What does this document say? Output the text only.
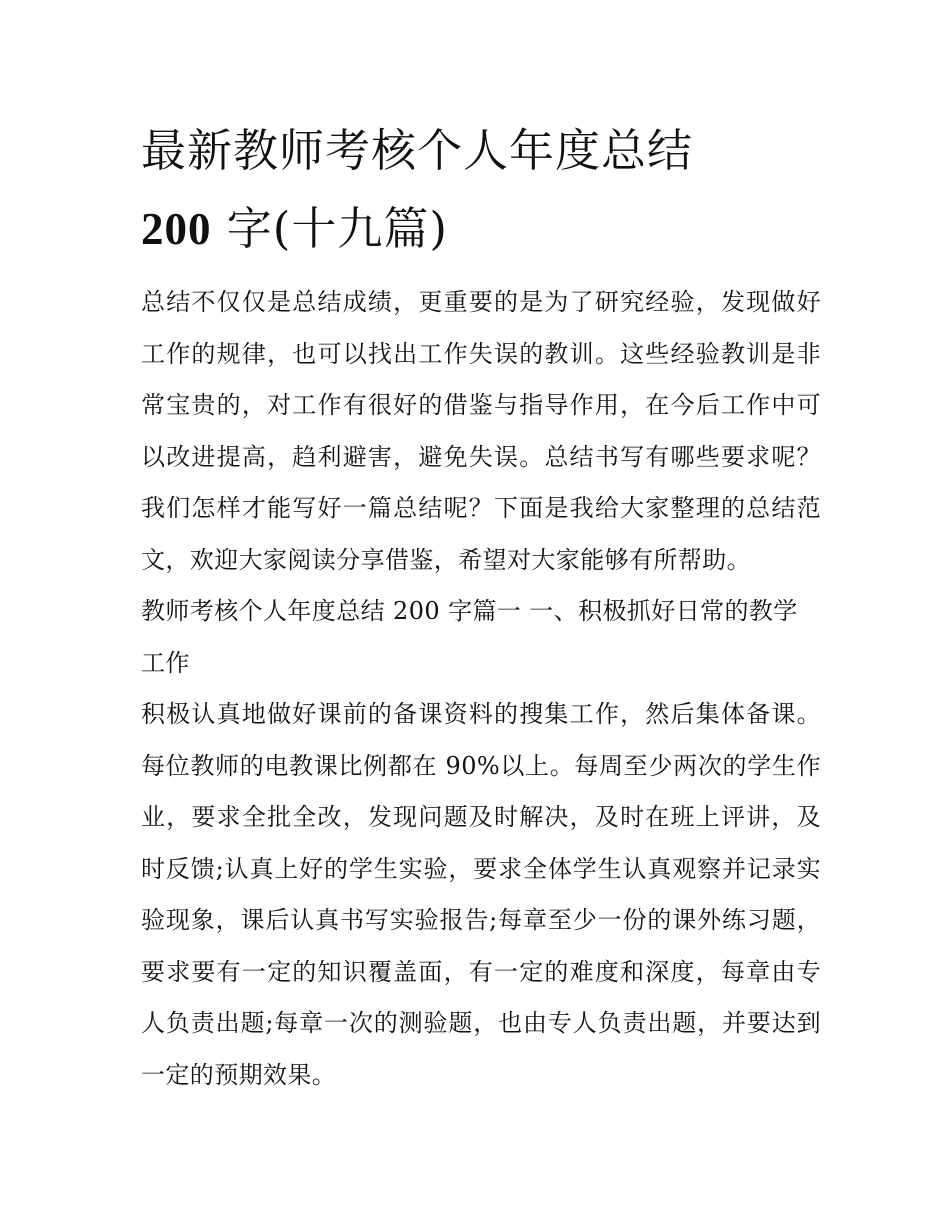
最新教师考核个人年度总结
200 字(十九篇)

总结不仅仅是总结成绩，更重要的是为了研究经验，发现做好工作的规律，也可以找出工作失误的教训。这些经验教训是非常宝贵的，对工作有很好的借鉴与指导作用，在今后工作中可以改进提高，趋利避害，避免失误。总结书写有哪些要求呢？我们怎样才能写好一篇总结呢？下面是我给大家整理的总结范文，欢迎大家阅读分享借鉴，希望对大家能够有所帮助。

教师考核个人年度总结 200 字篇一 一、积极抓好日常的教学工作

积极认真地做好课前的备课资料的搜集工作，然后集体备课。每位教师的电教课比例都在 90%以上。每周至少两次的学生作业，要求全批全改，发现问题及时解决，及时在班上评讲，及时反馈;认真上好的学生实验，要求全体学生认真观察并记录实验现象，课后认真书写实验报告;每章至少一份的课外练习题，要求要有一定的知识覆盖面，有一定的难度和深度，每章由专人负责出题;每章一次的测验题，也由专人负责出题，并要达到一定的预期效果。
